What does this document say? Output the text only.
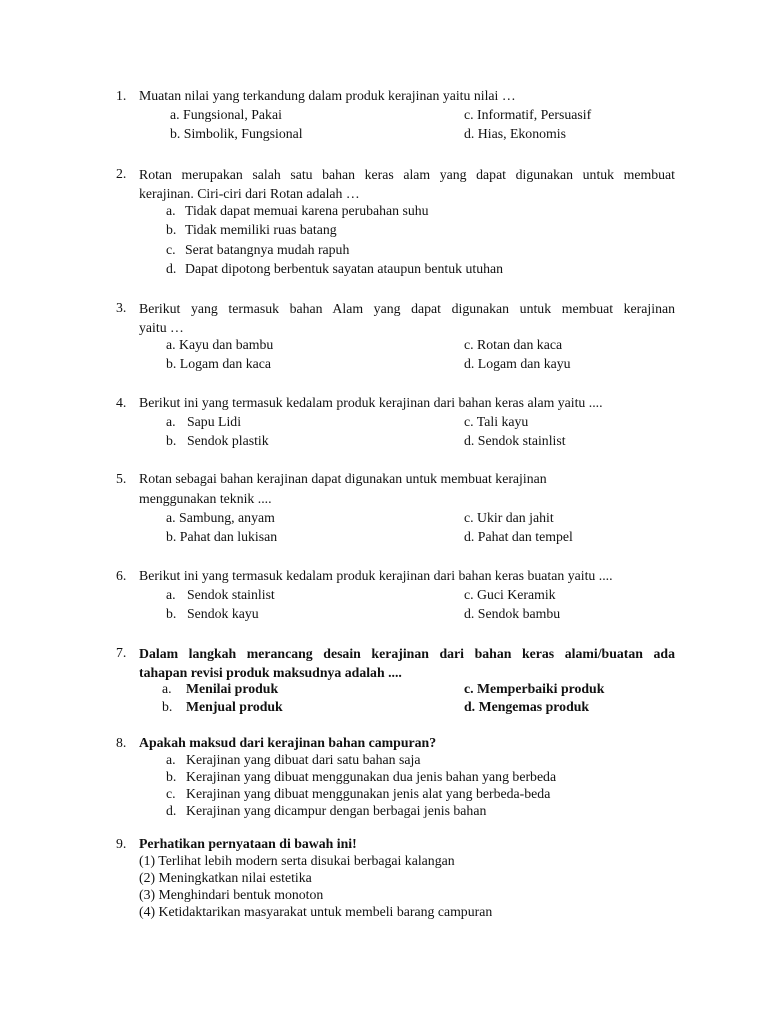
1. Muatan nilai yang terkandung dalam produk kerajinan yaitu nilai …
a. Fungsional, Pakai
b. Simbolik, Fungsional
c. Informatif, Persuasif
d. Hias, Ekonomis
2. Rotan merupakan salah satu bahan keras alam yang dapat digunakan untuk membuat
kerajinan. Ciri-ciri dari Rotan adalah …
a. Tidak dapat memuai karena perubahan suhu
b. Tidak memiliki ruas batang
c. Serat batangnya mudah rapuh
d. Dapat dipotong berbentuk sayatan ataupun bentuk utuhan
3. Berikut yang termasuk bahan Alam yang dapat digunakan untuk membuat kerajinan
yaitu …
a. Kayu dan bambu
b. Logam dan kaca
c. Rotan dan kaca
d. Logam dan kayu
4. Berikut ini yang termasuk kedalam produk kerajinan dari bahan keras alam yaitu ....
a. Sapu Lidi
b. Sendok plastik
c. Tali kayu
d. Sendok stainlist
5. Rotan sebagai bahan kerajinan dapat digunakan untuk membuat kerajinan
menggunakan teknik ....
a. Sambung, anyam
b. Pahat dan lukisan
c. Ukir dan jahit
d. Pahat dan tempel
6. Berikut ini yang termasuk kedalam produk kerajinan dari bahan keras buatan yaitu ....
a. Sendok stainlist
b. Sendok kayu
c. Guci Keramik
d. Sendok bambu
7. Dalam langkah merancang desain kerajinan dari bahan keras alami/buatan ada
tahapan revisi produk maksudnya adalah ....
a. Menilai produk
b. Menjual produk
c. Memperbaiki produk
d. Mengemas produk
8. Apakah maksud dari kerajinan bahan campuran?
a. Kerajinan yang dibuat dari satu bahan saja
b. Kerajinan yang dibuat menggunakan dua jenis bahan yang berbeda
c. Kerajinan yang dibuat menggunakan jenis alat yang berbeda-beda
d. Kerajinan yang dicampur dengan berbagai jenis bahan
9. Perhatikan pernyataan di bawah ini!
(1) Terlihat lebih modern serta disukai berbagai kalangan
(2) Meningkatkan nilai estetika
(3) Menghindari bentuk monoton
(4) Ketidaktarikan masyarakat untuk membeli barang campuran
